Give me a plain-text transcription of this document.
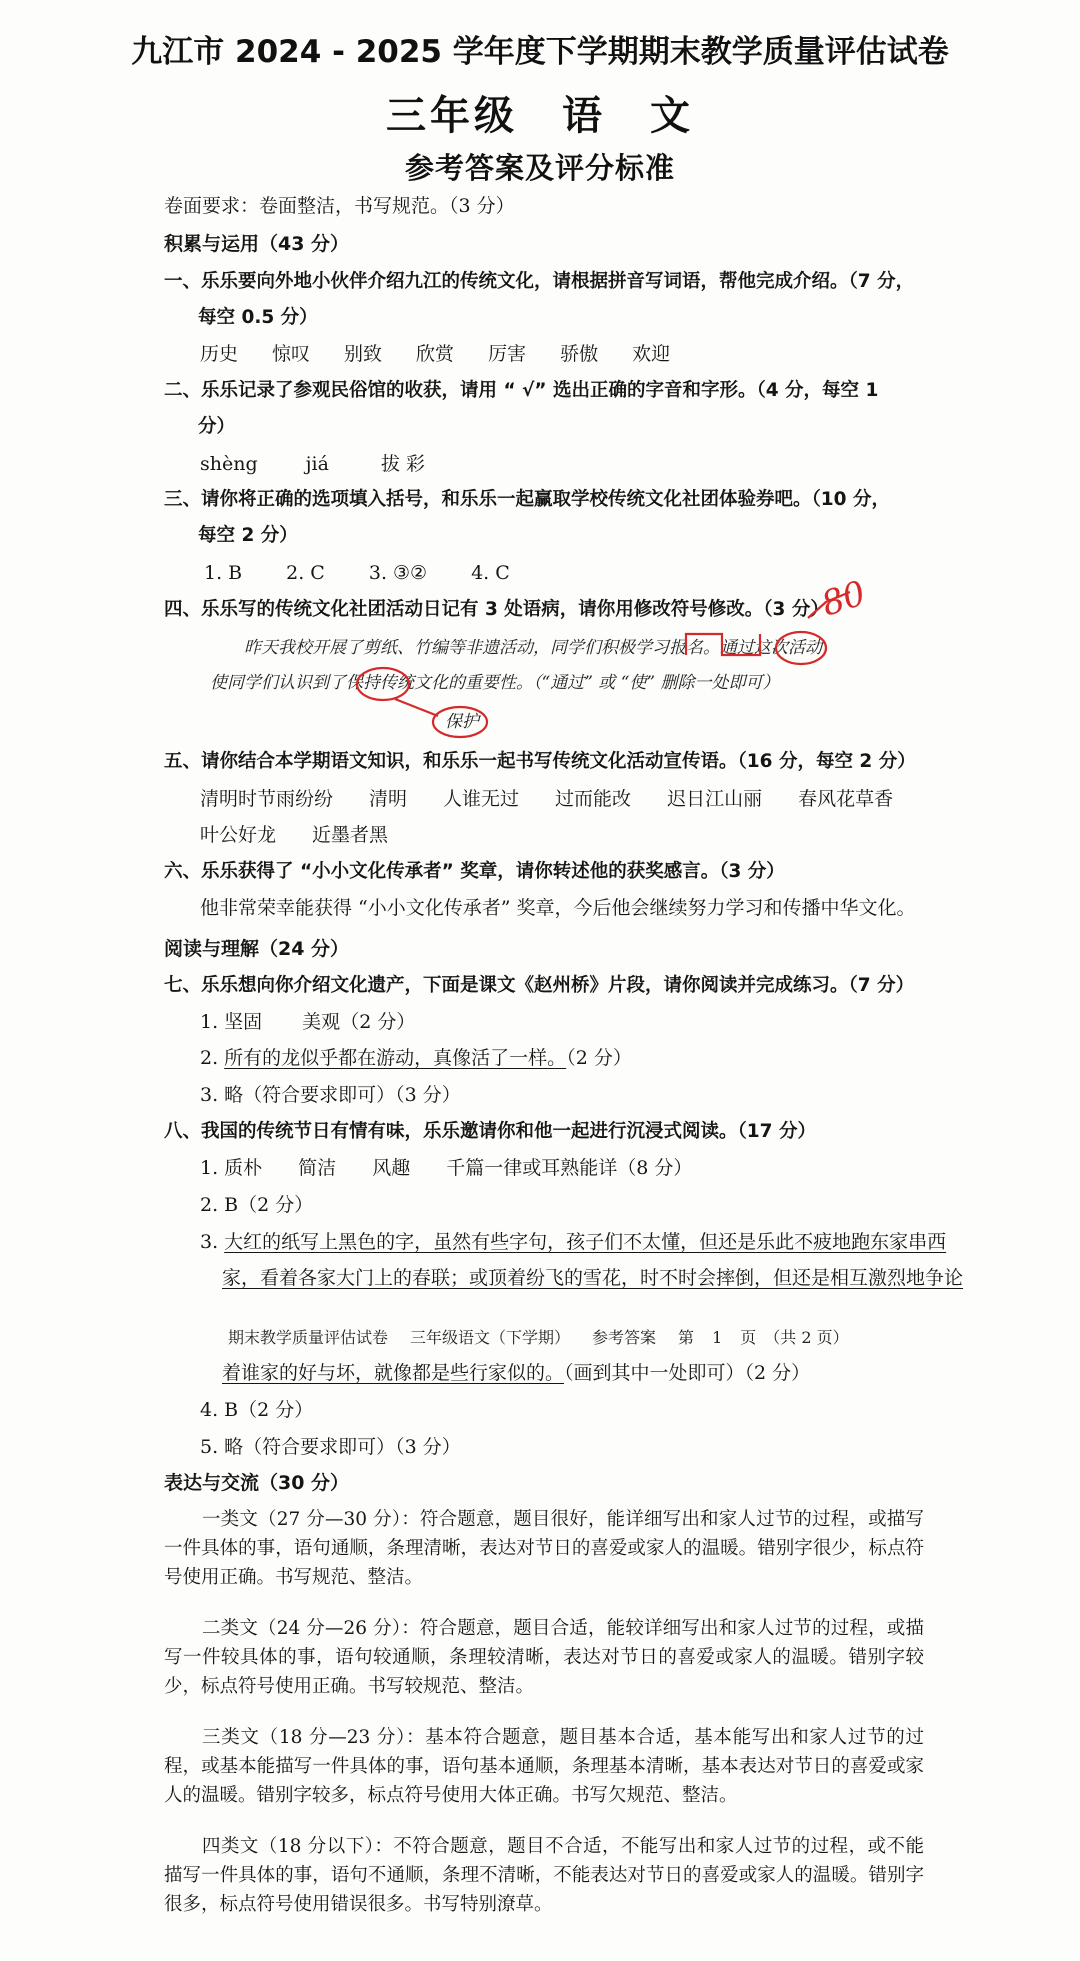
九江市 2024 - 2025 学年度下学期期末教学质量评估试卷
三年级 语 文
参考答案及评分标准
卷面要求：卷面整洁，书写规范。（3 分）
积累与运用（43 分）
一、乐乐要向外地小伙伴介绍九江的传统文化，请根据拼音写词语，帮他完成介绍。（7 分，
每空 0.5 分）
历史 惊叹 别致 欣赏 厉害 骄傲 欢迎
二、乐乐记录了参观民俗馆的收获，请用 “ √” 选出正确的字音和字形。（4 分，每空 1
分）
shèng	jiá	拔 彩
三、请你将正确的选项填入括号，和乐乐一起赢取学校传统文化社团体验券吧。（10 分，
每空 2 分）
1. B 2. C 3. ③② 4. C
四、乐乐写的传统文化社团活动日记有 3 处语病，请你用修改符号修改。（3 分）
昨天我校开展了剪纸、竹编等非遗活动，同学们积极学习报名。通过这次活动，
使同学们认识到了保持传统文化的重要性。（“通过” 或 “使” 删除一处即可）
保护
80
五、请你结合本学期语文知识，和乐乐一起书写传统文化活动宣传语。（16 分，每空 2 分）
清明时节雨纷纷 清明 人谁无过 过而能改 迟日江山丽 春风花草香
叶公好龙 近墨者黑
六、乐乐获得了 “小小文化传承者” 奖章，请你转述他的获奖感言。（3 分）
他非常荣幸能获得 “小小文化传承者” 奖章，今后他会继续努力学习和传播中华文化。
阅读与理解（24 分）
七、乐乐想向你介绍文化遗产，下面是课文《赵州桥》片段，请你阅读并完成练习。（7 分）
1. 坚固 美观（2 分）
2. 所有的龙似乎都在游动，真像活了一样。（2 分）
3. 略（符合要求即可）（3 分）
八、我国的传统节日有情有味，乐乐邀请你和他一起进行沉浸式阅读。（17 分）
1. 质朴 简洁 风趣 千篇一律或耳熟能详（8 分）
2. B（2 分）
3. 大红的纸写上黑色的字，虽然有些字句，孩子们不太懂，但还是乐此不疲地跑东家串西
家，看着各家大门上的春联；或顶着纷飞的雪花，时不时会摔倒，但还是相互激烈地争论
期末教学质量评估试卷 三年级语文（下学期） 参考答案 第 1 页 （共 2 页）
着谁家的好与坏，就像都是些行家似的。（画到其中一处即可）（2 分）
4. B（2 分）
5. 略（符合要求即可）（3 分）
表达与交流（30 分）
一类文（27 分—30 分）：符合题意，题目很好，能详细写出和家人过节的过程，或描写一件具体的事，语句通顺，条理清晰，表达对节日的喜爱或家人的温暖。错别字很少，标点符号使用正确。书写规范、整洁。
二类文（24 分—26 分）：符合题意，题目合适，能较详细写出和家人过节的过程，或描写一件较具体的事，语句较通顺，条理较清晰，表达对节日的喜爱或家人的温暖。错别字较少，标点符号使用正确。书写较规范、整洁。
三类文（18 分—23 分）：基本符合题意，题目基本合适，基本能写出和家人过节的过程，或基本能描写一件具体的事，语句基本通顺，条理基本清晰，基本表达对节日的喜爱或家人的温暖。错别字较多，标点符号使用大体正确。书写欠规范、整洁。
四类文（18 分以下）：不符合题意，题目不合适，不能写出和家人过节的过程，或不能描写一件具体的事，语句不通顺，条理不清晰，不能表达对节日的喜爱或家人的温暖。错别字很多，标点符号使用错误很多。书写特别潦草。
